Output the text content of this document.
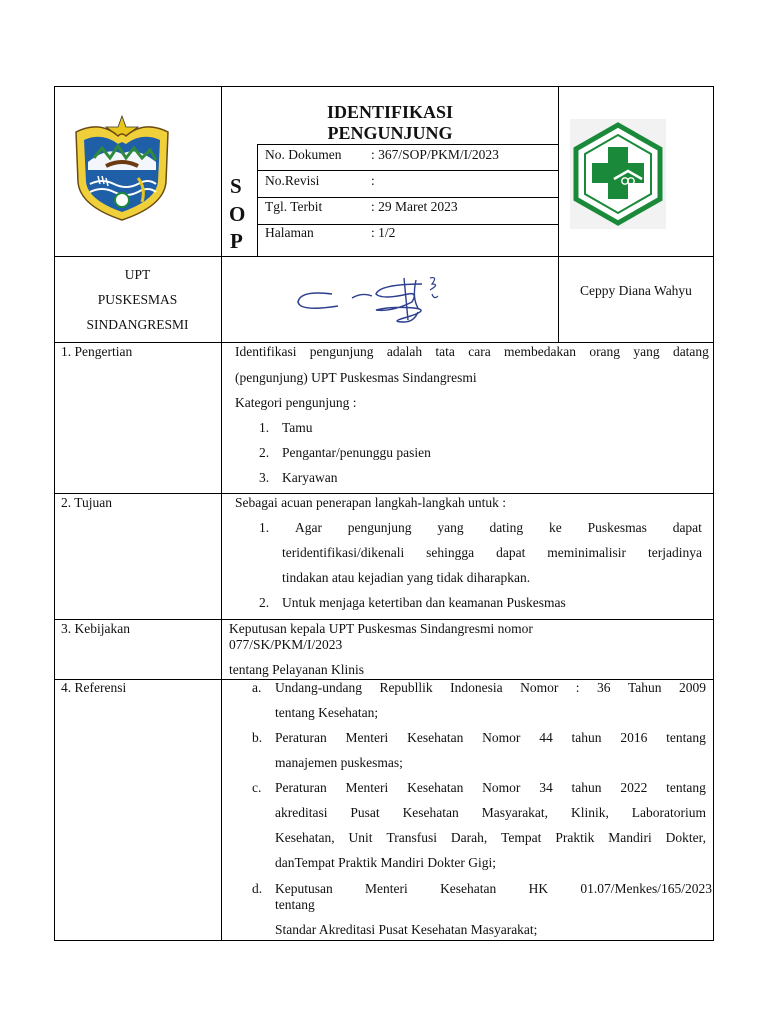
IDENTIFIKASI
PENGUNJUNG
S
O
P
No. Dokumen : 367/SOP/PKM/I/2023
No.Revisi	:
Tgl. Terbit	: 29 Maret 2023
Halaman	: 1/2
UPT
PUSKESMAS
SINDANGRESMI
Ceppy Diana Wahyu
1. Pengertian	Identifikasi pengunjung adalah tata cara membedakan orang yang datang
(pengunjung) UPT Puskesmas Sindangresmi
Kategori pengunjung :
1. Tamu
2. Pengantar/penunggu pasien
3. Karyawan
2. Tujuan	Sebagai acuan penerapan langkah-langkah untuk :
1. Agar pengunjung yang dating ke Puskesmas dapat
teridentifikasi/dikenali sehingga dapat meminimalisir terjadinya
tindakan atau kejadian yang tidak diharapkan.
2. Untuk menjaga ketertiban dan keamanan Puskesmas
3. Kebijakan	Keputusan kepala UPT Puskesmas Sindangresmi nomor
077/SK/PKM/I/2023
tentang Pelayanan Klinis
4. Referensi	a. Undang-undang Republlik Indonesia Nomor : 36 Tahun 2009
tentang Kesehatan;
b. Peraturan Menteri Kesehatan Nomor 44 tahun 2016 tentang
manajemen puskesmas;
c. Peraturan Menteri Kesehatan Nomor 34 tahun 2022 tentang
akreditasi Pusat Kesehatan Masyarakat, Klinik, Laboratorium
Kesehatan, Unit Transfusi Darah, Tempat Praktik Mandiri Dokter,
danTempat Praktik Mandiri Dokter Gigi;
d. Keputusan Menteri Kesehatan HK 01.07/Menkes/165/2023
tentang
Standar Akreditasi Pusat Kesehatan Masyarakat;
